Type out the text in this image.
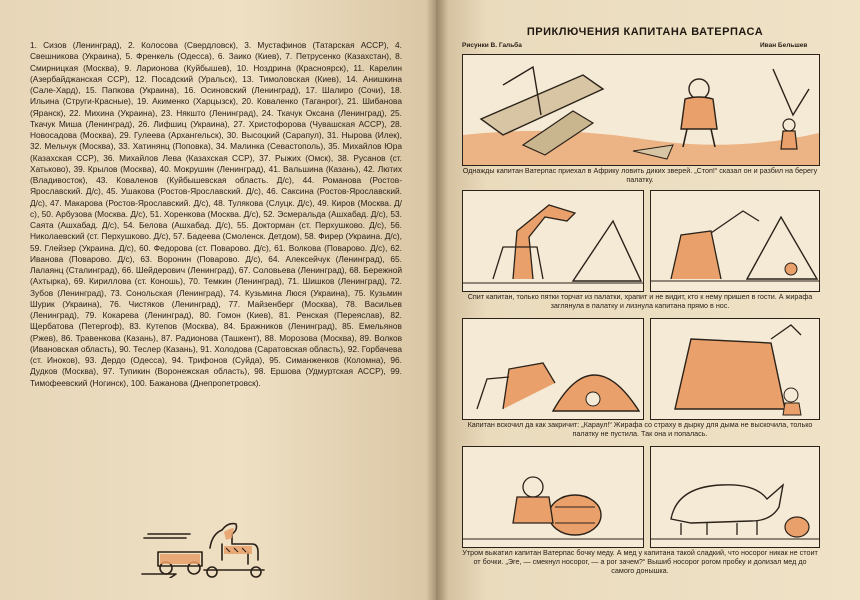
1. Сизов (Ленинград), 2. Колосова (Свердловск), 3. Мустафинов (Татарская АССР), 4. Свешникова (Украина), 5. Френкель (Одесса), 6. Заико (Киев), 7. Петрусенко (Казахстан), 8. Смирницкая (Москва), 9. Ларионова (Куйбышев), 10. Ноздрина (Красноярск), 11. Карелин (Азербайджанская ССР), 12. Посадский (Уральск), 13. Тимоловская (Киев), 14. Анишкина (Сале-Хард), 15. Папкова (Украина), 16. Осиновский (Ленинград), 17. Шалиро (Сочи), 18. Ильина (Струги-Красные), 19. Акименко (Харцызск), 20. Коваленко (Таганрог), 21. Шибанова (Яранск), 22. Михина (Украина), 23. Някшто (Ленинград), 24. Ткачук Оксана (Ленинград), 25. Ткачук Миша (Ленинград), 26. Лифшиц (Украина), 27. Христофорова (Чувашская АССР), 28. Новосадова (Москва), 29. Гулеева (Архангельск), 30. Высоцкий (Сарапул), 31. Нырова (Илек), 32. Мельчук (Москва), 33. Хатинянц (Поповка), 34. Малинка (Севастополь), 35. Михайлов Юра (Казахская ССР), 36. Михайлов Лева (Казахская ССР), 37. Рыжих (Омск), 38. Русанов (ст. Хатьково), 39. Крылов (Москва), 40. Мокрушин (Ленинград), 41. Вальшина (Казань), 42. Лютих (Владивосток), 43. Коваленов (Куйбышевская область. Д/с), 44. Романова (Ростов-Ярославский. Д/с), 45. Ушакова (Ростов-Ярославский. Д/с), 46. Саксина (Ростов-Ярославский. Д/с), 47. Макарова (Ростов-Ярославский. Д/с), 48. Тулякова (Слуцк. Д/с), 49. Киров (Москва. Д/с), 50. Арбузова (Москва. Д/с), 51. Хоренкова (Москва. Д/с), 52. Эсмеральда (Ашхабад. Д/с), 53. Саята (Ашхабад. Д/с), 54. Белова (Ашхабад. Д/с), 55. Докторман (ст. Перхушково. Д/с), 56. Николаевский (ст. Перхушково. Д/с), 57. Бадеева (Смоленск. Детдом), 58. Фирер (Украина. Д/с), 59. Глейзер (Украина. Д/с), 60. Федорова (ст. Поварово. Д/с), 61. Волкова (Поварово. Д/с), 62. Иванова (Поварово. Д/с), 63. Воронин (Поварово. Д/с), 64. Алексейчук (Ленинград), 65. Лалаянц (Сталинград), 66. Шейдерович (Ленинград), 67. Соловьева (Ленинград), 68. Бережной (Ахтырка), 69. Кириллова (ст. Коношь), 70. Темкин (Ленинград), 71. Шишков (Ленинград), 72. Зубов (Ленинград), 73. Сонольская (Ленинград), 74. Кузьмина Люся (Украина), 75. Кузьмин Шурик (Украина), 76. Чистяков (Ленинград), 77. Майзенберг (Москва), 78. Васильев (Ленинград), 79. Кокарева (Ленинград), 80. Гомон (Киев), 81. Ренская (Переяслав), 82. Щербатова (Петергоф), 83. Кутепов (Москва), 84. Бражников (Ленинград), 85. Емельянов (Ржев), 86. Травенкова (Казань), 87. Радионова (Ташкент), 88. Морозова (Москва), 89. Волков (Ивановская область), 90. Теслер (Казань), 91. Холодова (Саратовская область), 92. Горбачева (ст. Иноков), 93. Дердо (Одесса), 94. Трифонов (Суйда), 95. Симанженков (Коломна), 96. Дудков (Москва), 97. Тупикин (Воронежская область), 98. Ершова (Удмуртская АССР), 99. Тимофеевский (Ногинск), 100. Бажанова (Днепропетровск).

ПРИКЛЮЧЕНИЯ КАПИТАНА ВАТЕРПАСА
Рисунки В. Гальба	Иван Бельшев
Однажды капитан Ватерпас приехал в Африку ловить диких зверей. „Стоп!“ сказал он и разбил на берегу палатку.
Спит капитан, только пятки торчат из палатки, храпит и не видит, кто к нему пришел в гости. А жирафа заглянула в палатку и лизнула капитана прямо в нос.
Капитан вскочил да как закричит: „Караул!“ Жирафа со страху в дырку для дыма не выскочила, только палатку не пустила. Так она и попалась.
Утром выкатил капитан Ватерпас бочку меду. А мед у капитана такой сладкий, что носорог никак не стоит от бочки. „Эге, — смекнул носорог, — а рог зачем?“ Вышиб носорог рогом пробку и долизал мед до самого донышка.
